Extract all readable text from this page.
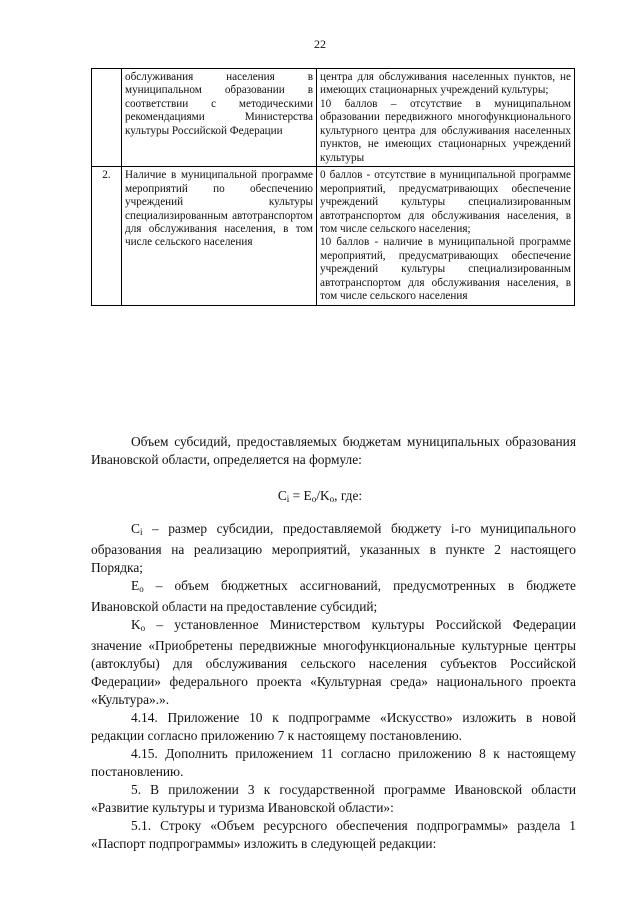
22
	обслуживания населения в муниципальном образовании в соответствии с методическими рекомендациями Министерства культуры Российской Федерации	центра для обслуживания населенных пунктов, не имеющих стационарных учреждений культуры;
10 баллов – отсутствие в муниципальном образовании передвижного многофункционального культурного центра для обслуживания населенных пунктов, не имеющих стационарных учреждений культуры

2.	Наличие в муниципальной программе мероприятий по обеспечению учреждений культуры специализированным автотранспортом для обслуживания населения, в том числе сельского населения	0 баллов - отсутствие в муниципальной программе мероприятий, предусматривающих обеспечение учреждений культуры специализированным автотранспортом для обслуживания населения, в том числе сельского населения;
10 баллов - наличие в муниципальной программе мероприятий, предусматривающих обеспечение учреждений культуры специализированным автотранспортом для обслуживания населения, в том числе сельского населения

Объем субсидий, предоставляемых бюджетам муниципальных образования Ивановской области, определяется на формуле:

$C_i = E_o/K_o$, где:

$C_i$ – размер субсидии, предоставляемой бюджету i-го муниципального образования на реализацию мероприятий, указанных в пункте 2 настоящего Порядка;

$E_o$ – объем бюджетных ассигнований, предусмотренных в бюджете Ивановской области на предоставление субсидий;

$K_o$ – установленное Министерством культуры Российской Федерации значение «Приобретены передвижные многофункциональные культурные центры (автоклубы) для обслуживания сельского населения субъектов Российской Федерации» федерального проекта «Культурная среда» национального проекта «Культура».».

4.14. Приложение 10 к подпрограмме «Искусство» изложить в новой редакции согласно приложению 7 к настоящему постановлению.

4.15. Дополнить приложением 11 согласно приложению 8 к настоящему постановлению.

5. В приложении 3 к государственной программе Ивановской области «Развитие культуры и туризма Ивановской области»:

5.1. Строку «Объем ресурсного обеспечения подпрограммы» раздела 1 «Паспорт подпрограммы» изложить в следующей редакции:
